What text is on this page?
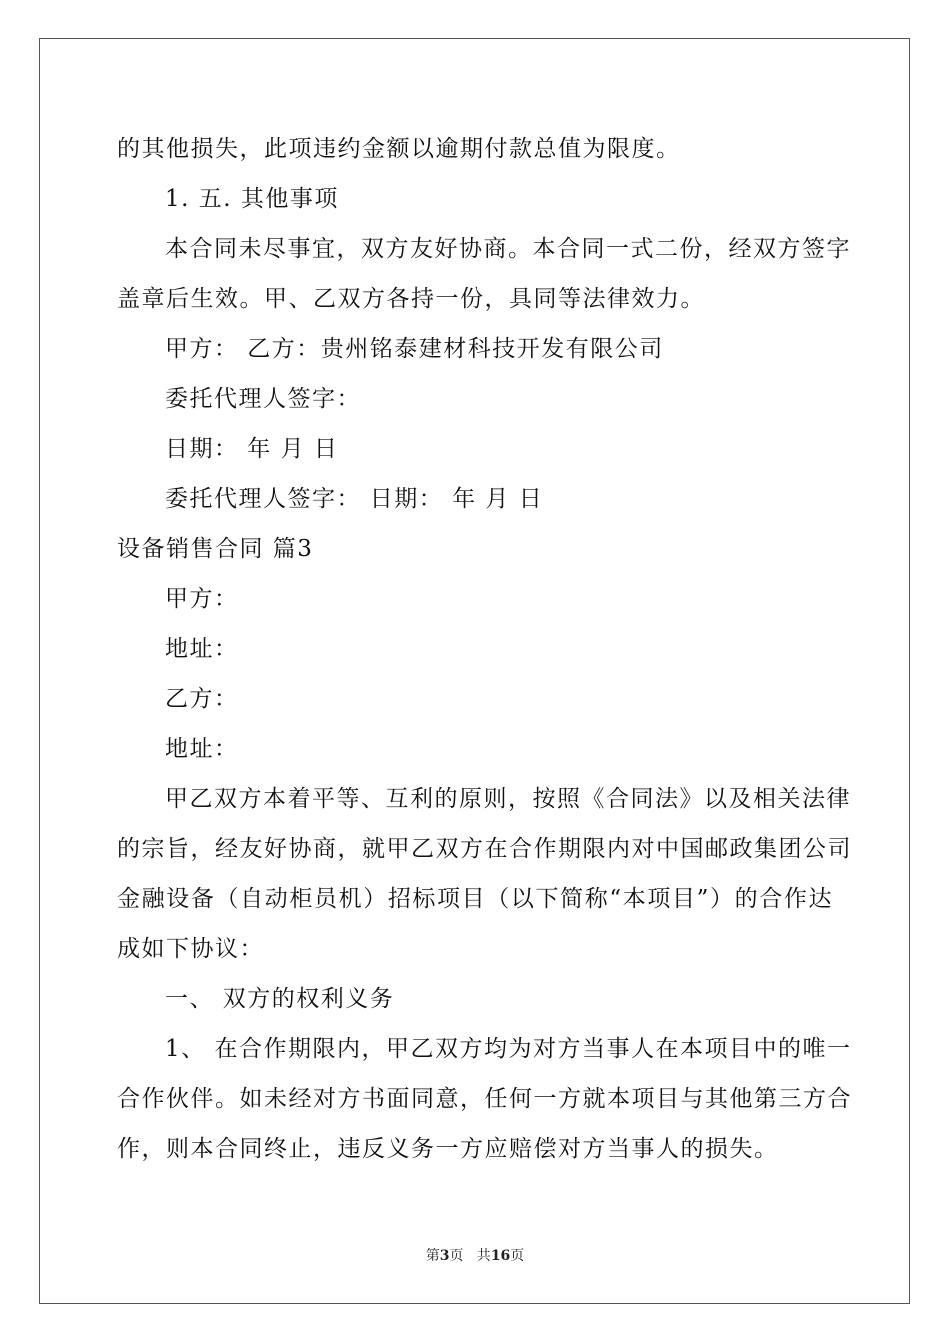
的其他损失，此项违约金额以逾期付款总值为限度。
1. 五. 其他事项
本合同未尽事宜，双方友好协商。本合同一式二份，经双方签字
盖章后生效。甲、乙双方各持一份，具同等法律效力。
甲方： 乙方：贵州铭泰建材科技开发有限公司
委托代理人签字：
日期： 年 月 日
委托代理人签字： 日期： 年 月 日
设备销售合同 篇3
甲方：
地址：
乙方：
地址：
甲乙双方本着平等、互利的原则，按照《合同法》以及相关法律
的宗旨，经友好协商，就甲乙双方在合作期限内对中国邮政集团公司
金融设备（自动柜员机）招标项目（以下简称“本项目”）的合作达
成如下协议：
一、 双方的权利义务
1、 在合作期限内，甲乙双方均为对方当事人在本项目中的唯一
合作伙伴。如未经对方书面同意，任何一方就本项目与其他第三方合
作，则本合同终止，违反义务一方应赔偿对方当事人的损失。
第3页   共16页
